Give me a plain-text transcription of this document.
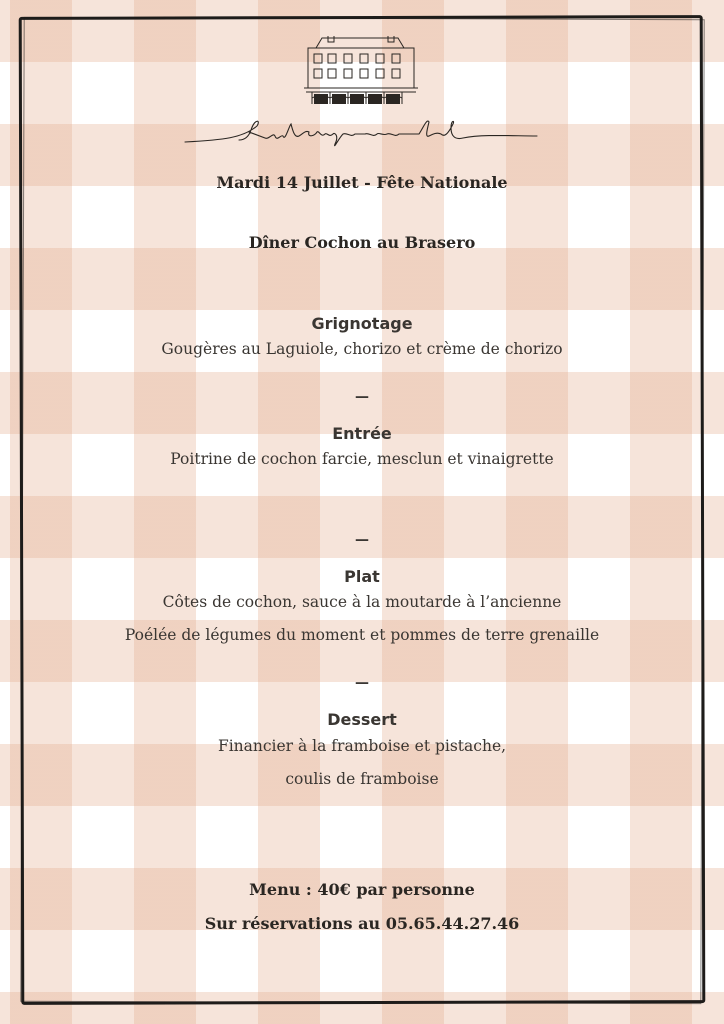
Mardi 14 Juillet - Fête Nationale
Dîner Cochon au Brasero
Grignotage
Gougères au Laguiole, chorizo et crème de chorizo
—
Entrée
Poitrine de cochon farcie, mesclun et vinaigrette
—
Plat
Côtes de cochon, sauce à la moutarde à l’ancienne
Poélée de légumes du moment et pommes de terre grenaille
—
Dessert
Financier à la framboise et pistache,
coulis de framboise
Menu : 40€ par personne
Sur réservations au 05.65.44.27.46
